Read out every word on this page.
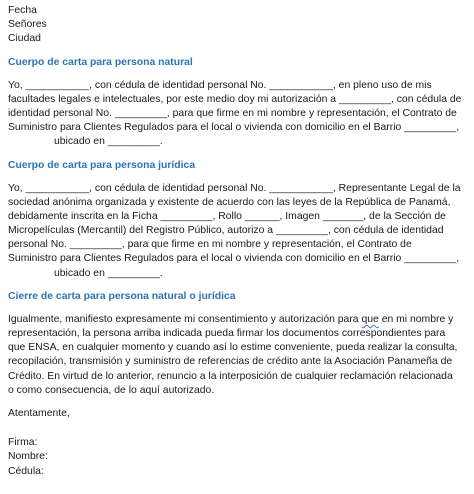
Fecha
Señores
Ciudad
Cuerpo de carta para persona natural
Yo, ___________, con cédula de identidad personal No. ___________, en pleno uso de mis
facultades legales e intelectuales, por este medio doy mi autorización a _________, con cédula de
identidad personal No. _________, para que firme en mi nombre y representación, el Contrato de
Suministro para Clientes Regulados para el local o vivienda con domicilio en el Barrio _________,
ubicado en _________.
Cuerpo de carta para persona jurídica
Yo, ___________, con cédula de identidad personal No. ___________, Representante Legal de la
sociedad anónima organizada y existente de acuerdo con las leyes de la República de Panamá,
debidamente inscrita en la Ficha _________, Rollo ______, Imagen _______, de la Sección de
Micropelículas (Mercantil) del Registro Público, autorizo a _________, con cédula de identidad
personal No. _________, para que firme en mi nombre y representación, el Contrato de
Suministro para Clientes Regulados para el local o vivienda con domicilio en el Barrio _________,
ubicado en _________.
Cierre de carta para persona natural o jurídica
Igualmente, manifiesto expresamente mi consentimiento y autorización para que en mi nombre y
representación, la persona arriba indicada pueda firmar los documentos correspondientes para
que ENSA, en cualquier momento y cuando así lo estime conveniente, pueda realizar la consulta,
recopilación, transmisión y suministro de referencias de crédito ante la Asociación Panameña de
Crédito. En virtud de lo anterior, renuncio a la interposición de cualquier reclamación relacionada
o como consecuencia, de lo aquí autorizado.
Atentamente,
Firma:
Nombre:
Cédula:
